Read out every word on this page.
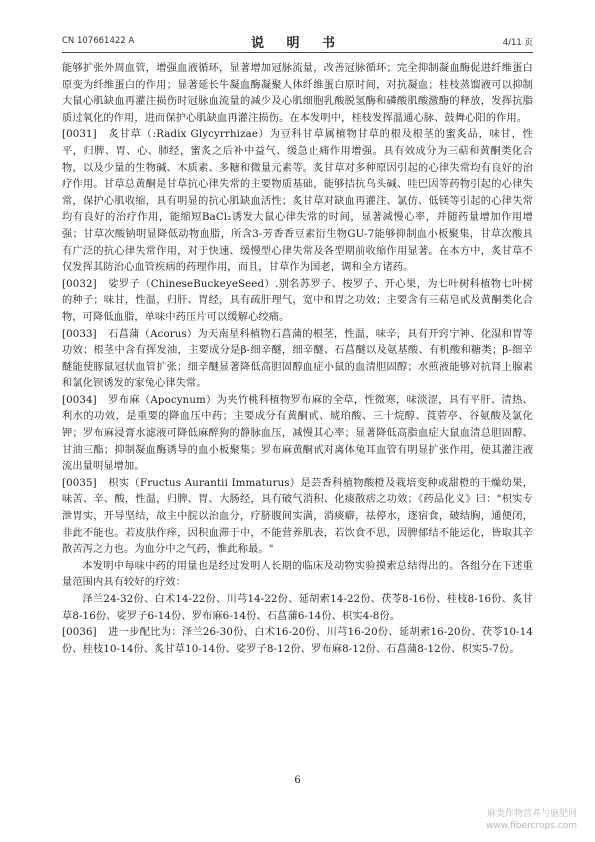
CN 107661422 A	说 明 书	4/11 页

能够扩张外周血管，增强血液循环，显著增加冠脉流量，改善冠脉循环；完全抑制凝血酶促进纤维蛋白原变为纤维蛋白的作用；显著延长牛凝血酶凝聚人体纤维蛋白原时间，对抗凝血；桂枝蒸馏液可以抑制大鼠心肌缺血再灌注损伤时冠脉血流量的减少及心肌细胞乳酸脱氢酶和磷酸肌酸激酶的释放，发挥抗脂质过氧化的作用，进而保护心肌缺血再灌注损伤。在本发明中，桂枝发挥温通心脉、鼓舞心阳的作用。

[0031] 炙甘草（:Radix Glycyrrhizae）为豆科甘草属植物甘草的根及根茎的蜜炙品，味甘，性平，归脾、胃、心、肺经，蜜炙之后补中益气、缓急止痛作用增强。具有效成分为三萜和黄酮类化合物，以及少量的生物碱、木质素、多糖和微量元素等。炙甘草对多种原因引起的心律失常均有良好的治疗作用。甘草总黄酮是甘草抗心律失常的主要物质基础，能够拮抗乌头碱、哇巴因等药物引起的心律失常，保护心肌收缩，具有明显的抗心肌缺血活性；炙甘草对缺血再灌注、氯仿、低镁等引起的心律失常均有良好的治疗作用，能缩短BaCl₂诱发大鼠心律失常的时间，显著减慢心率，并随药量增加作用增强；甘草次酸钠明显降低动物血脂，所含3-芳香香豆素衍生物GU-7能够抑制血小板聚集，甘草次酸具有广泛的抗心律失常作用，对于快速、缓慢型心律失常及各型期前收缩作用显著。在本方中，炙甘草不仅发挥其防治心血管疾病的药理作用，而且，甘草作为国老，调和全方诸药。

[0032] 娑罗子（ChineseBuckeyeSeed）.别名苏罗子、梭罗子、开心果，为七叶树科植物七叶树的种子；味甘，性温，归肝、胃经，具有疏肝理气，宽中和胃之功效；主要含有三萜皂甙及黄酮类化合物，可降低血脂，单味中药压片可以缓解心绞痛。

[0033] 石菖蒲（Acorus）为天南星科植物石菖蒲的根茎，性温，味辛，具有开窍宁神、化湿和胃等功效；根茎中含有挥发油，主要成分是β-细辛醚，细辛醚、石菖醚以及氨基酸、有机酸和糖类；β-细辛醚能使豚鼠冠状血管扩张；细辛醚显著降低高胆固醇血症小鼠的血清胆固醇；水煎液能够对抗肾上腺素和氯化钡诱发的家兔心律失常。

[0034] 罗布麻（Apocynum）为夹竹桃科植物罗布麻的全草，性微寒，味淡涩，具有平肝、清热、利水的功效，是重要的降血压中药；主要成分有黄酮甙、琥珀酸、三十烷醇、莨菪亭、谷氨酸及氯化钾；罗布麻浸膏水滤液可降低麻醉狗的静脉血压，减慢其心率；显著降低高脂血症大鼠血清总胆固醇、甘油三酯；抑制凝血酶诱导的血小板聚集；罗布麻黄酮甙对离体兔耳血管有明显扩张作用，使其灌注液流出量明显增加。

[0035] 枳实（Fructus Aurantii Immaturus）是芸香科植物酸橙及栽培变种或甜橙的干燥幼果，味苦、辛、酸，性温，归脾、胃、大肠经，具有破气消积、化痰散痞之功效；《药品化义》曰："枳实专泄胃实，开导坚结，故主中脘以治血分，疗脐腹间实满，消痰癖，祛停水，逐宿食，破结胸，通便闭，非此不能也。若皮肤作痒，因积血滞于中，不能营养肌表，若饮食不思，因脾郁结不能运化，皆取其辛散苦泻之力也。为血分中之气药，惟此称最。"

本发明中每味中药的用量也是经过发明人长期的临床及动物实验摸索总结得出的。各组分在下述重量范围内具有较好的疗效：

泽兰24-32份、白术14-22份、川芎14-22份、延胡索14-22份、茯苓8-16份、桂枝8-16份、炙甘草8-16份、娑罗子6-14份、罗布麻6-14份、石菖蒲6-14份、枳实4-8份。

[0036] 进一步配比为：泽兰26-30份、白术16-20份、川芎16-20份、延胡索16-20份、茯苓10-14份、桂枝10-14份、炙甘草10-14份、娑罗子8-12份、罗布麻8-12份、石菖蒲8-12份、枳实5-7份。

6
麻类作物营养与施肥网
www.fibercrops.com
